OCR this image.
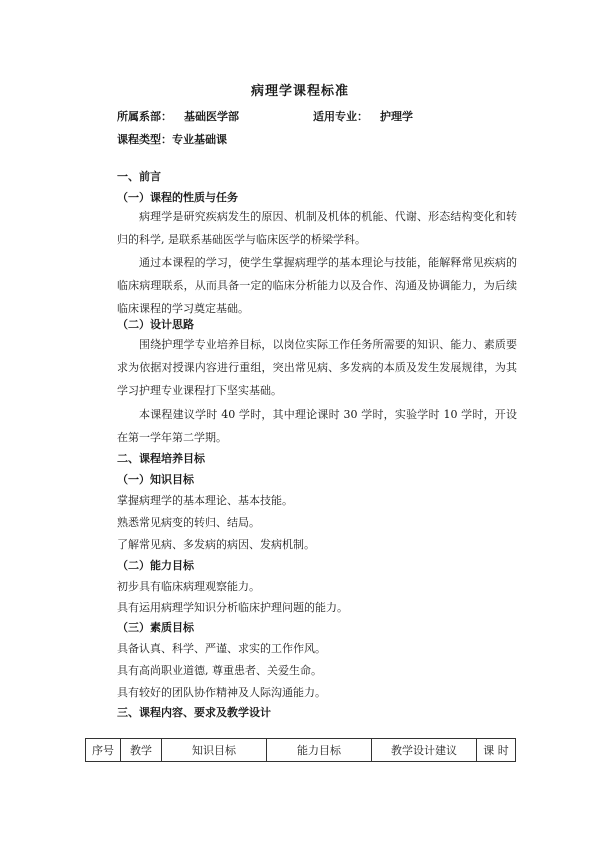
病理学课程标准
所属系部： 基础医学部	适用专业： 护理学
课程类型：专业基础课
一、前言
（一）课程的性质与任务
病理学是研究疾病发生的原因、机制及机体的机能、代谢、形态结构变化和转归的科学, 是联系基础医学与临床医学的桥梁学科。
通过本课程的学习，使学生掌握病理学的基本理论与技能，能解释常见疾病的临床病理联系，从而具备一定的临床分析能力以及合作、沟通及协调能力，为后续临床课程的学习奠定基础。
（二）设计思路
围绕护理学专业培养目标，以岗位实际工作任务所需要的知识、能力、素质要求为依据对授课内容进行重组，突出常见病、多发病的本质及发生发展规律，为其学习护理专业课程打下坚实基础。
本课程建议学时 40 学时，其中理论课时 30 学时，实验学时 10 学时，开设在第一学年第二学期。
二、课程培养目标
（一）知识目标
掌握病理学的基本理论、基本技能。
熟悉常见病变的转归、结局。
了解常见病、多发病的病因、发病机制。
（二）能力目标
初步具有临床病理观察能力。
具有运用病理学知识分析临床护理问题的能力。
（三）素质目标
具备认真、科学、严谨、求实的工作作风。
具有高尚职业道德, 尊重患者、关爱生命。
具有较好的团队协作精神及人际沟通能力。
三、课程内容、要求及教学设计
序号	教学	知识目标	能力目标	教学设计建议	课 时
